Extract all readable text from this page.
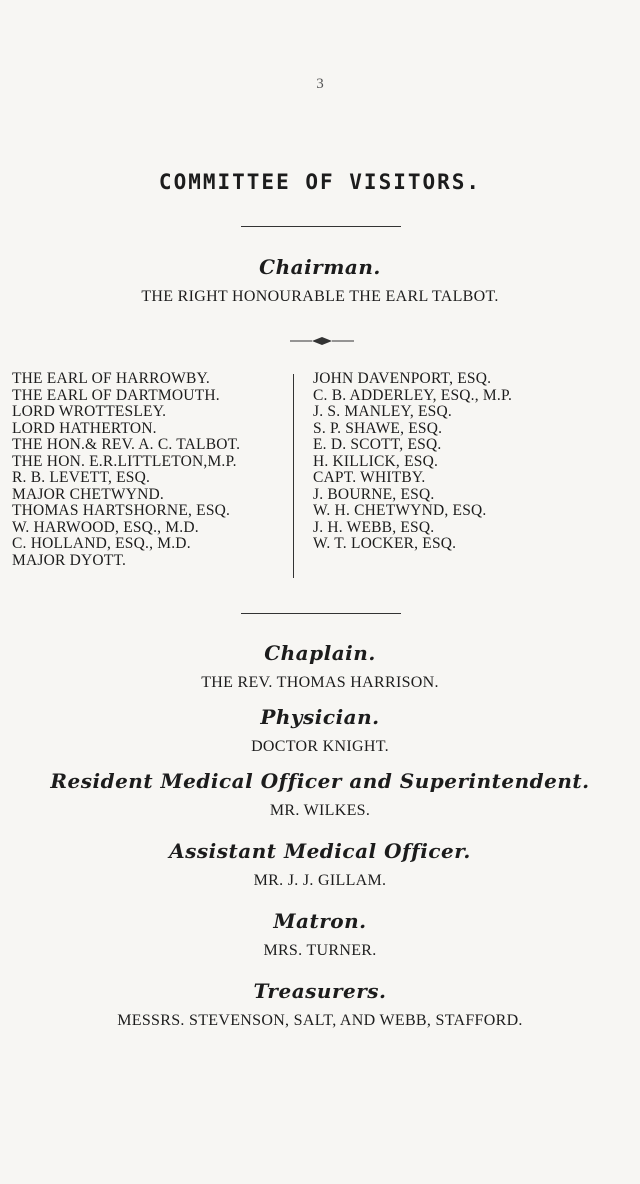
3
COMMITTEE OF VISITORS.
Chairman.
THE RIGHT HONOURABLE THE EARL TALBOT.
THE EARL OF HARROWBY.
THE EARL OF DARTMOUTH.
LORD WROTTESLEY.
LORD HATHERTON.
THE HON.& REV. A. C. TALBOT.
THE HON. E.R.LITTLETON,M.P.
R. B. LEVETT, ESQ.
MAJOR CHETWYND.
THOMAS HARTSHORNE, ESQ.
W. HARWOOD, ESQ., M.D.
C. HOLLAND, ESQ., M.D.
MAJOR DYOTT.
JOHN DAVENPORT, ESQ.
C. B. ADDERLEY, ESQ., M.P.
J. S. MANLEY, ESQ.
S. P. SHAWE, ESQ.
E. D. SCOTT, ESQ.
H. KILLICK, ESQ.
CAPT. WHITBY.
J. BOURNE, ESQ.
W. H. CHETWYND, ESQ.
J. H. WEBB, ESQ.
W. T. LOCKER, ESQ.
Chaplain.
THE REV. THOMAS HARRISON.
Physician.
DOCTOR KNIGHT.
Resident Medical Officer and Superintendent.
MR. WILKES.
Assistant Medical Officer.
MR. J. J. GILLAM.
Matron.
MRS. TURNER.
Treasurers.
MESSRS. STEVENSON, SALT, AND WEBB, STAFFORD.
